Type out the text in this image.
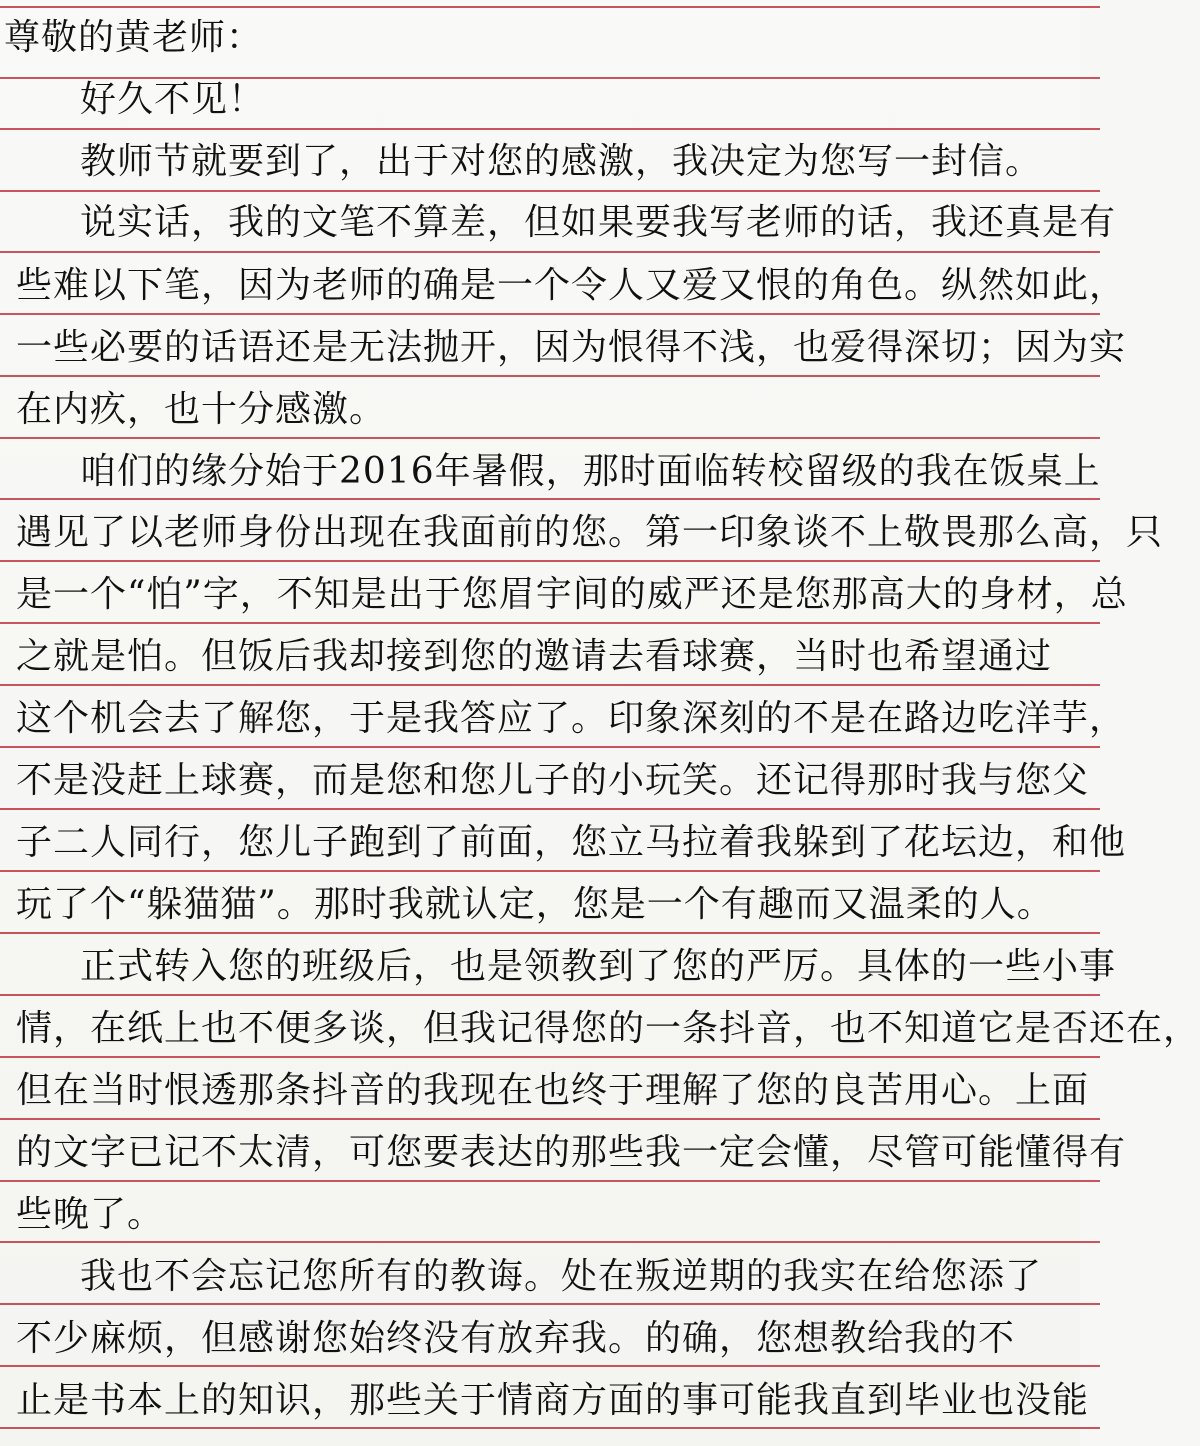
尊敬的黄老师：
好久不见！
教师节就要到了，出于对您的感激，我决定为您写一封信。
说实话，我的文笔不算差，但如果要我写老师的话，我还真是有
些难以下笔，因为老师的确是一个令人又爱又恨的角色。纵然如此，
一些必要的话语还是无法抛开，因为恨得不浅，也爱得深切；因为实
在内疚，也十分感激。
咱们的缘分始于2016年暑假，那时面临转校留级的我在饭桌上
遇见了以老师身份出现在我面前的您。第一印象谈不上敬畏那么高，只
是一个“怕”字，不知是出于您眉宇间的威严还是您那高大的身材，总
之就是怕。但饭后我却接到您的邀请去看球赛，当时也希望通过
这个机会去了解您，于是我答应了。印象深刻的不是在路边吃洋芋，
不是没赶上球赛，而是您和您儿子的小玩笑。还记得那时我与您父
子二人同行，您儿子跑到了前面，您立马拉着我躲到了花坛边，和他
玩了个“躲猫猫”。那时我就认定，您是一个有趣而又温柔的人。
正式转入您的班级后，也是领教到了您的严厉。具体的一些小事
情，在纸上也不便多谈，但我记得您的一条抖音，也不知道它是否还在，
但在当时恨透那条抖音的我现在也终于理解了您的良苦用心。上面
的文字已记不太清，可您要表达的那些我一定会懂，尽管可能懂得有
些晚了。
我也不会忘记您所有的教诲。处在叛逆期的我实在给您添了
不少麻烦，但感谢您始终没有放弃我。的确，您想教给我的不
止是书本上的知识，那些关于情商方面的事可能我直到毕业也没能
